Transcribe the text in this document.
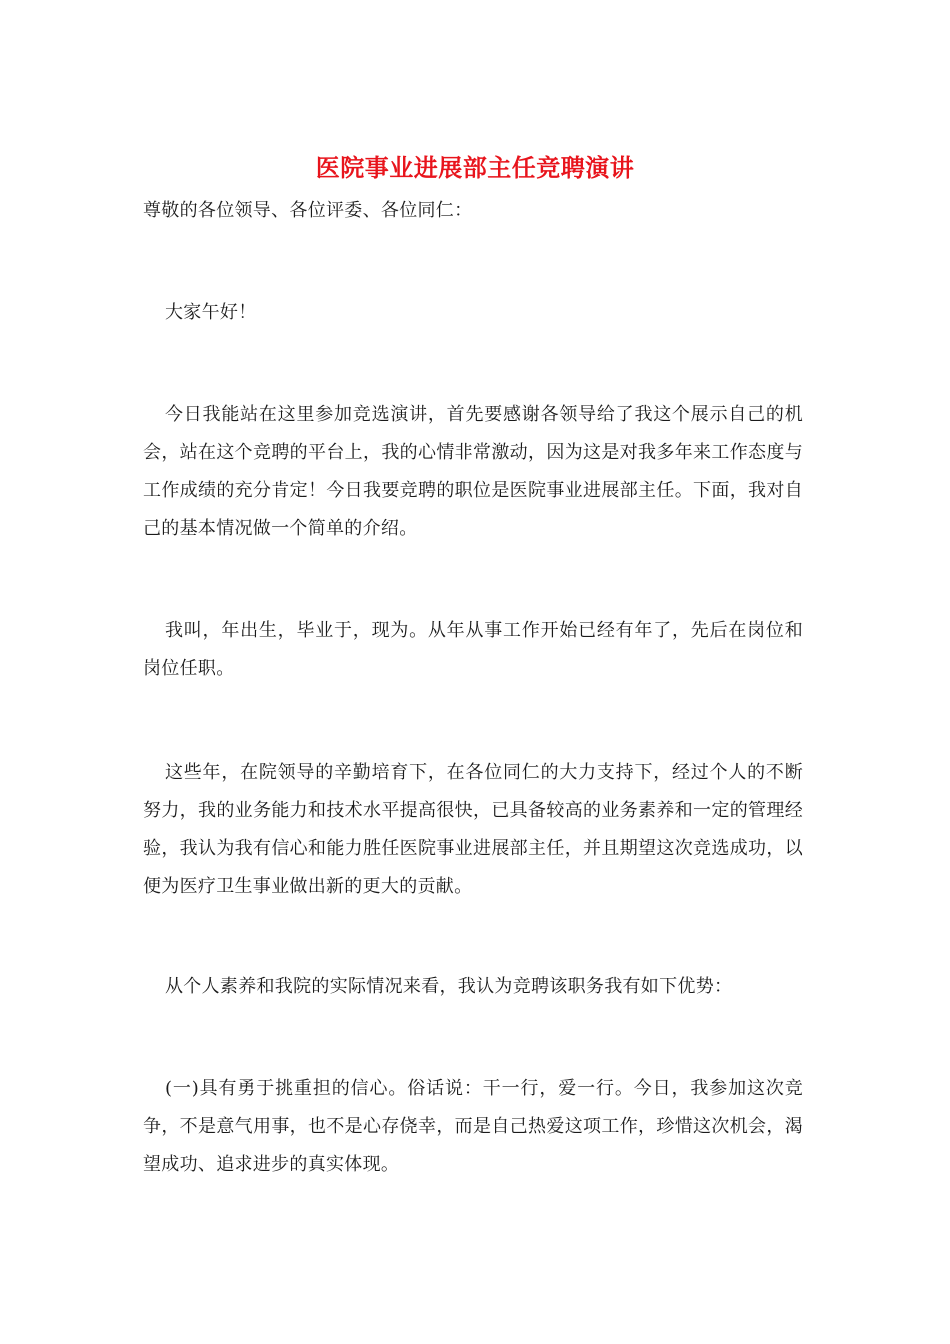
医院事业进展部主任竞聘演讲

尊敬的各位领导、各位评委、各位同仁：

大家午好！

今日我能站在这里参加竞选演讲，首先要感谢各领导给了我这个展示自己的机会，站在这个竞聘的平台上，我的心情非常激动，因为这是对我多年来工作态度与工作成绩的充分肯定！今日我要竞聘的职位是医院事业进展部主任。下面，我对自己的基本情况做一个简单的介绍。

我叫，年出生，毕业于，现为。从年从事工作开始已经有年了，先后在岗位和岗位任职。

这些年，在院领导的辛勤培育下，在各位同仁的大力支持下，经过个人的不断努力，我的业务能力和技术水平提高很快，已具备较高的业务素养和一定的管理经验，我认为我有信心和能力胜任医院事业进展部主任，并且期望这次竞选成功，以便为医疗卫生事业做出新的更大的贡献。

从个人素养和我院的实际情况来看，我认为竞聘该职务我有如下优势：

(一)具有勇于挑重担的信心。俗话说：干一行，爱一行。今日，我参加这次竞争，不是意气用事，也不是心存侥幸，而是自己热爱这项工作，珍惜这次机会，渴望成功、追求进步的真实体现。
